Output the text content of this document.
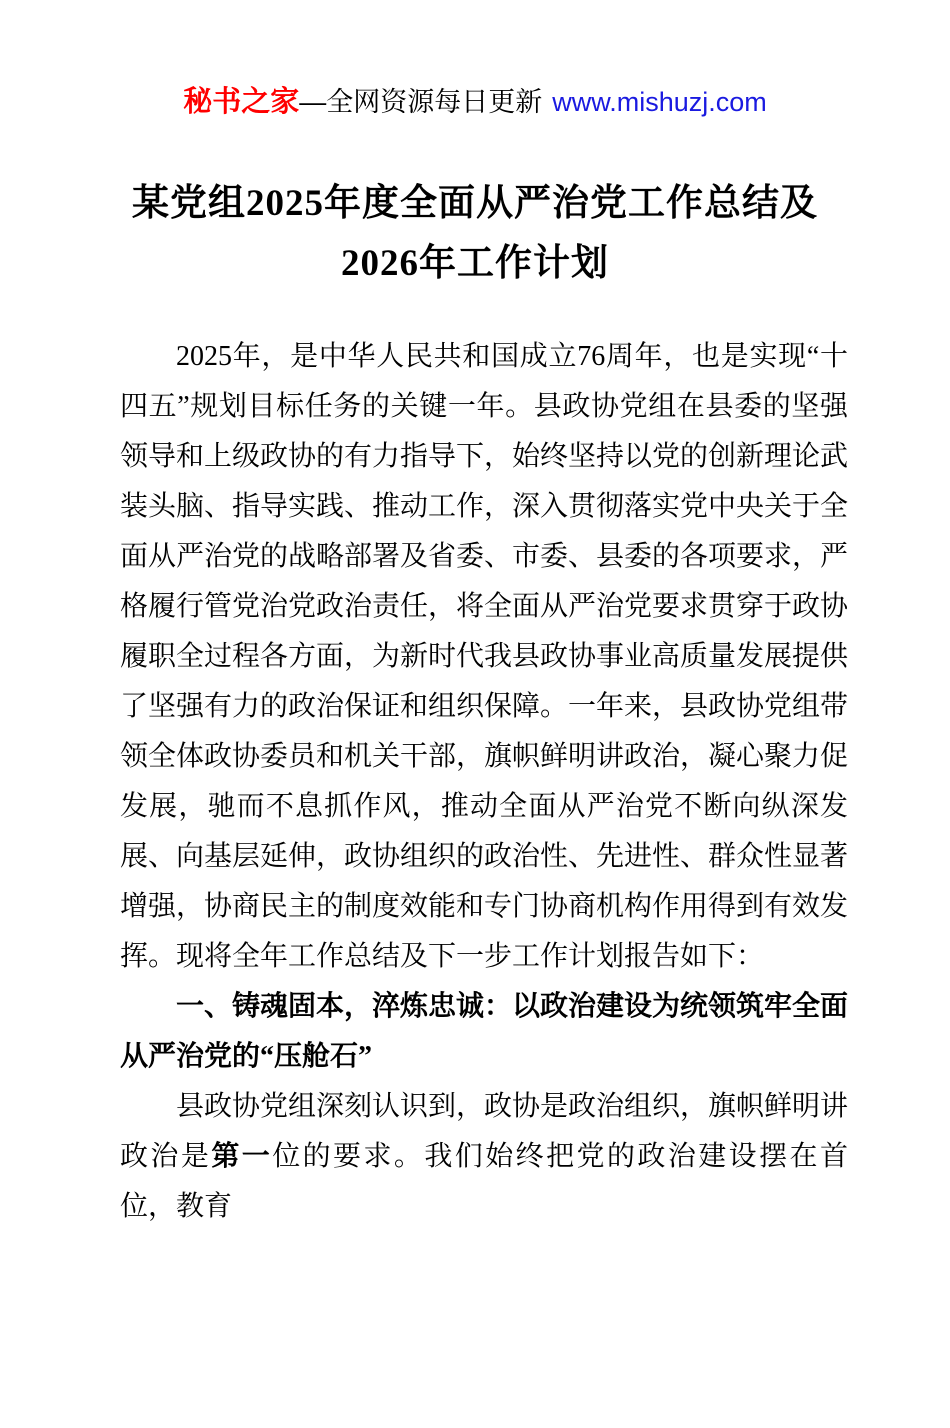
秘书之家—全网资源每日更新 www.mishuzj.com
某党组2025年度全面从严治党工作总结及
2026年工作计划

2025年，是中华人民共和国成立76周年，也是实现“十四五”规划目标任务的关键一年。县政协党组在县委的坚强领导和上级政协的有力指导下，始终坚持以党的创新理论武装头脑、指导实践、推动工作，深入贯彻落实党中央关于全面从严治党的战略部署及省委、市委、县委的各项要求，严格履行管党治党政治责任，将全面从严治党要求贯穿于政协履职全过程各方面，为新时代我县政协事业高质量发展提供了坚强有力的政治保证和组织保障。一年来，县政协党组带领全体政协委员和机关干部，旗帜鲜明讲政治，凝心聚力促发展，驰而不息抓作风，推动全面从严治党不断向纵深发展、向基层延伸，政协组织的政治性、先进性、群众性显著增强，协商民主的制度效能和专门协商机构作用得到有效发挥。现将全年工作总结及下一步工作计划报告如下：

一、铸魂固本，淬炼忠诚：以政治建设为统领筑牢全面从严治党的“压舱石”

县政协党组深刻认识到，政协是政治组织，旗帜鲜明讲政治是第一位的要求。我们始终把党的政治建设摆在首位，教育
